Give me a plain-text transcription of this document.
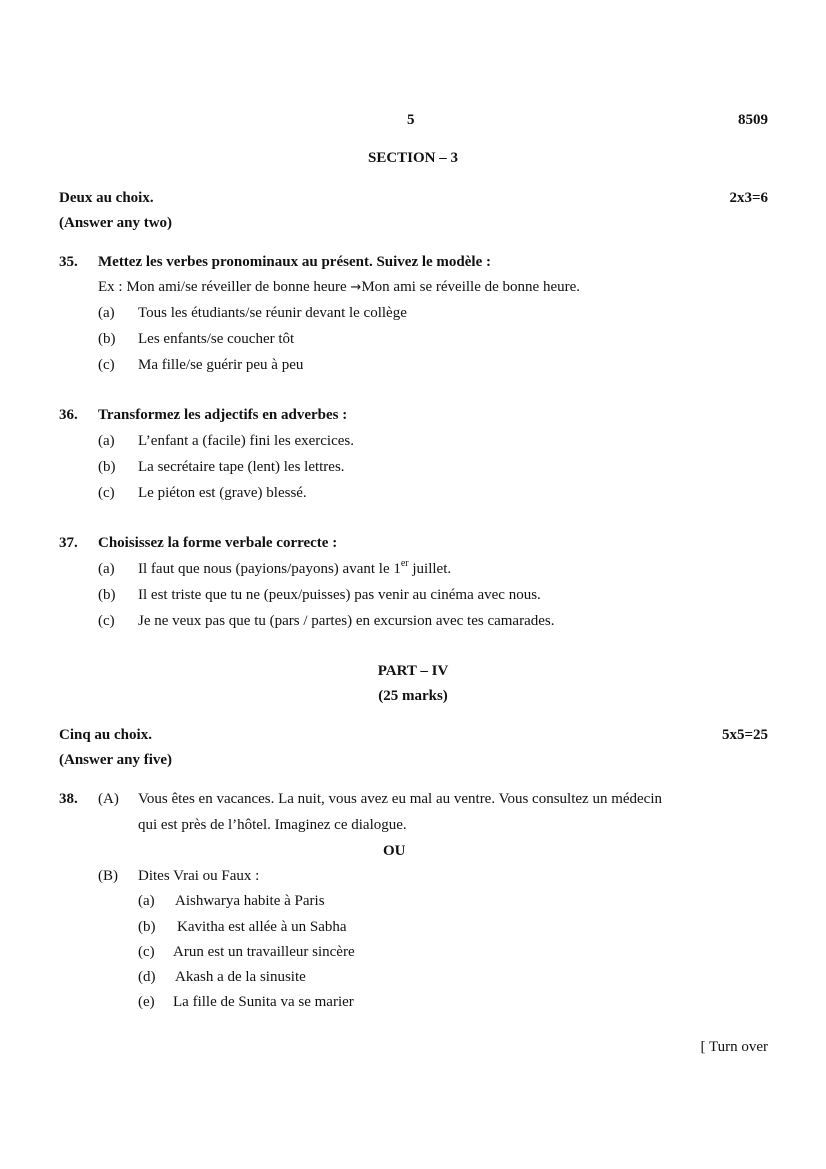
5	8509
SECTION – 3
Deux au choix.	2x3=6
(Answer any two)
35. Mettez les verbes pronominaux au présent. Suivez le modèle :
Ex : Mon ami/se réveiller de bonne heure →Mon ami se réveille de bonne heure.
(a) Tous les étudiants/se réunir devant le collège
(b) Les enfants/se coucher tôt
(c) Ma fille/se guérir peu à peu
36. Transformez les adjectifs en adverbes :
(a) L’enfant a (facile) fini les exercices.
(b) La secrétaire tape (lent) les lettres.
(c) Le piéton est (grave) blessé.
37. Choisissez la forme verbale correcte :
(a) Il faut que nous (payions/payons) avant le 1er juillet.
(b) Il est triste que tu ne (peux/puisses) pas venir au cinéma avec nous.
(c) Je ne veux pas que tu (pars / partes) en excursion avec tes camarades.
PART – IV
(25 marks)
Cinq au choix.	5x5=25
(Answer any five)
38. (A) Vous êtes en vacances. La nuit, vous avez eu mal au ventre. Vous consultez un médecin
qui est près de l’hôtel. Imaginez ce dialogue.
OU
(B) Dites Vrai ou Faux :
(a) Aishwarya habite à Paris
(b) Kavitha est allée à un Sabha
(c) Arun est un travailleur sincère
(d) Akash a de la sinusite
(e) La fille de Sunita va se marier
[ Turn over
